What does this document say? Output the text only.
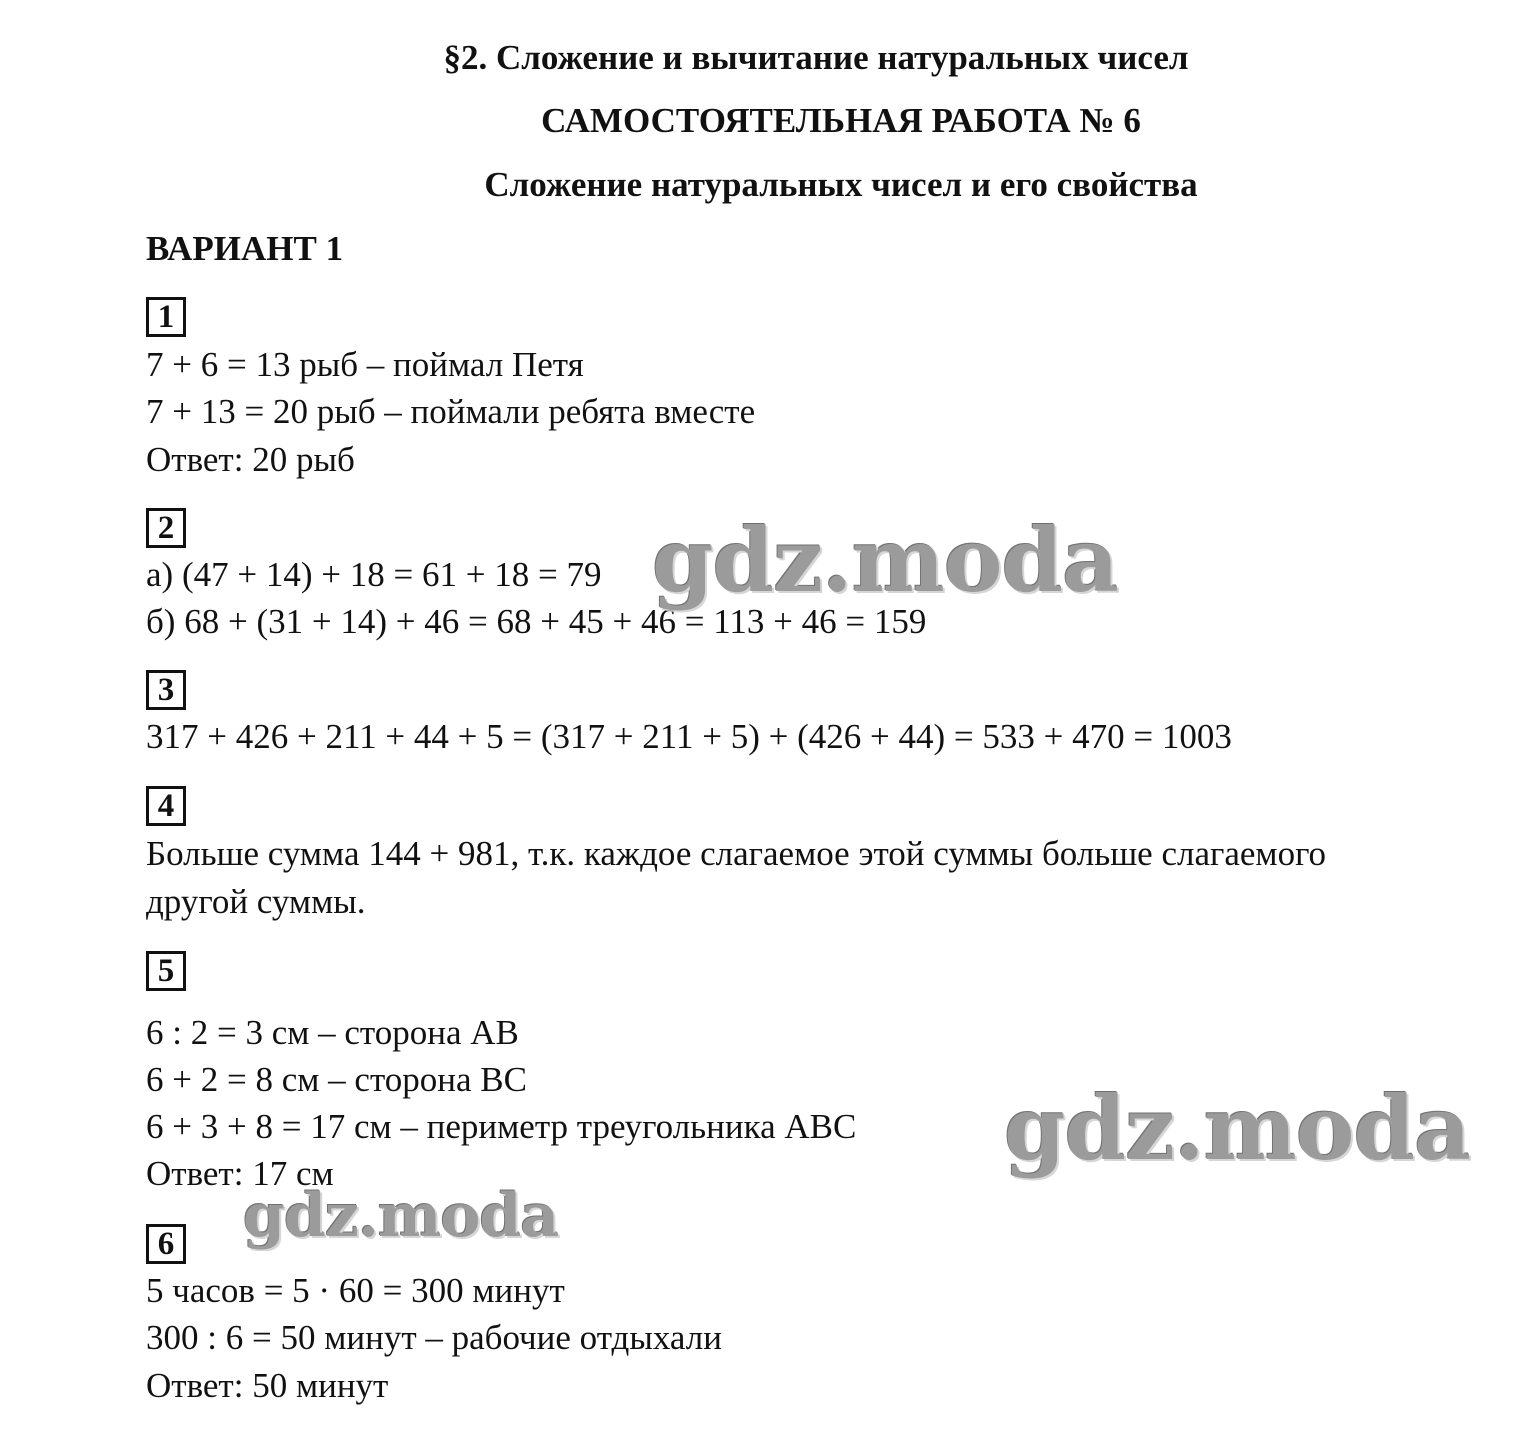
§2. Сложение и вычитание натуральных чисел
САМОСТОЯТЕЛЬНАЯ РАБОТА № 6
Сложение натуральных чисел и его свойства
ВАРИАНТ 1
1

7 + 6 = 13 рыб – поймал Петя

7 + 13 = 20 рыб – поймали ребята вместе

Ответ: 20 рыб

2

а) (47 + 14) + 18 = 61 + 18 = 79

б) 68 + (31 + 14) + 46 = 68 + 45 + 46 = 113 + 46 = 159

3

317 + 426 + 211 + 44 + 5 = (317 + 211 + 5) + (426 + 44) = 533 + 470 = 1003

4

Больше сумма 144 + 981, т.к. каждое слагаемое этой суммы больше слагаемого

другой суммы.

5

6 : 2 = 3 см – сторона АВ

6 + 2 = 8 см – сторона ВС

6 + 3 + 8 = 17 см – периметр треугольника АВС

Ответ: 17 см

6

5 часов = 5 · 60 = 300 минут

300 : 6 = 50 минут – рабочие отдыхали

Ответ: 50 минут

gdz.moda
gdz.moda
gdz.moda
